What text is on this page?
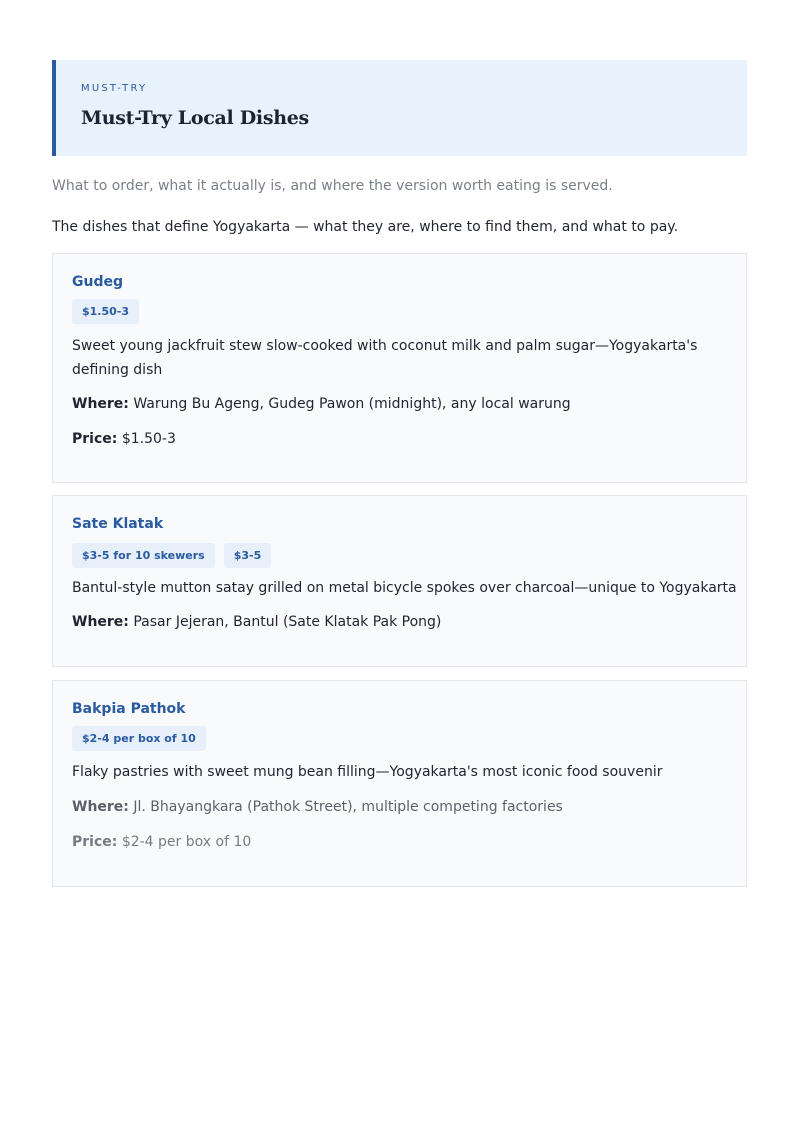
MUST-TRY
Must-Try Local Dishes
What to order, what it actually is, and where the version worth eating is served.
The dishes that define Yogyakarta — what they are, where to find them, and what to pay.
Gudeg
$1.50-3
Sweet young jackfruit stew slow-cooked with coconut milk and palm sugar—Yogyakarta's defining dish
Where: Warung Bu Ageng, Gudeg Pawon (midnight), any local warung
Price: $1.50-3
Sate Klatak
$3-5 for 10 skewers	$3-5
Bantul-style mutton satay grilled on metal bicycle spokes over charcoal—unique to Yogyakarta
Where: Pasar Jejeran, Bantul (Sate Klatak Pak Pong)
Bakpia Pathok
$2-4 per box of 10
Flaky pastries with sweet mung bean filling—Yogyakarta's most iconic food souvenir
Where: Jl. Bhayangkara (Pathok Street), multiple competing factories
Price: $2-4 per box of 10
